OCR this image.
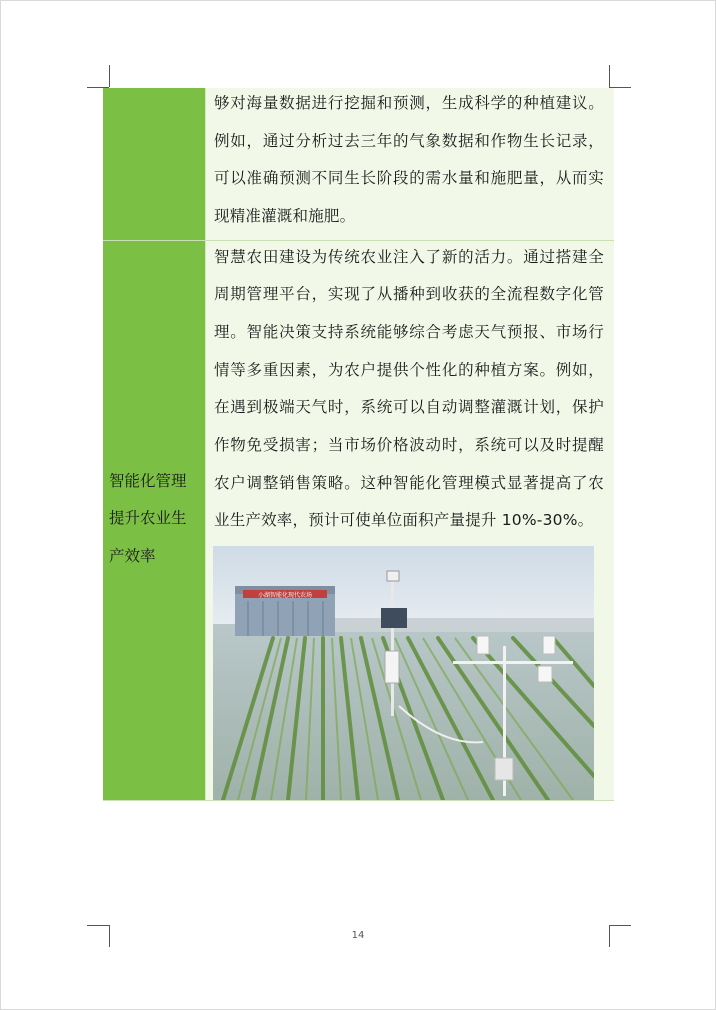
	够对海量数据进行挖掘和预测，生成科学的种植建议。例如，通过分析过去三年的气象数据和作物生长记录，可以准确预测不同生长阶段的需水量和施肥量，从而实现精准灌溉和施肥。

智能化管理提升农业生产效率	智慧农田建设为传统农业注入了新的活力。通过搭建全周期管理平台，实现了从播种到收获的全流程数字化管理。智能决策支持系统能够综合考虑天气预报、市场行情等多重因素，为农户提供个性化的种植方案。例如，在遇到极端天气时，系统可以自动调整灌溉计划，保护作物免受损害；当市场价格波动时，系统可以及时提醒农户调整销售策略。这种智能化管理模式显著提高了农业生产效率，预计可使单位面积产量提升 10%-30%。
小湖智能化现代农场
14
